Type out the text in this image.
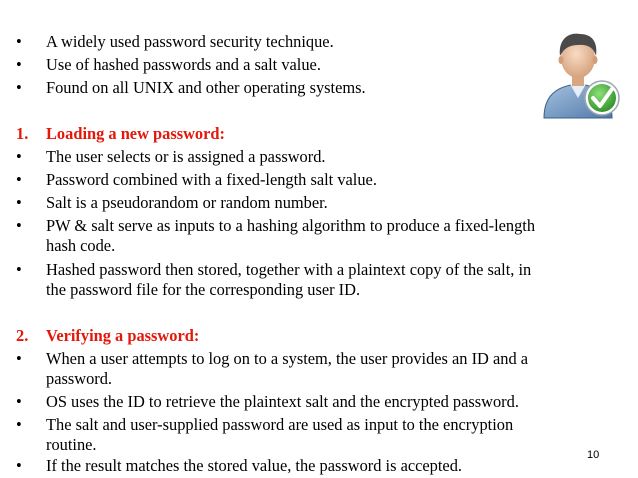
• A widely used password security technique.
• Use of hashed passwords and a salt value.
• Found on all UNIX and other operating systems.
1. Loading a new password:
• The user selects or is assigned a password.
• Password combined with a fixed-length salt value.
• Salt is a pseudorandom or random number.
• PW & salt serve as inputs to a hashing algorithm to produce a fixed-length
hash code.
• Hashed password then stored, together with a plaintext copy of the salt, in
the password file for the corresponding user ID.
2. Verifying a password:
• When a user attempts to log on to a system, the user provides an ID and a
password.
• OS uses the ID to retrieve the plaintext salt and the encrypted password.
• The salt and user-supplied password are used as input to the encryption
routine.
• If the result matches the stored value, the password is accepted.
10
